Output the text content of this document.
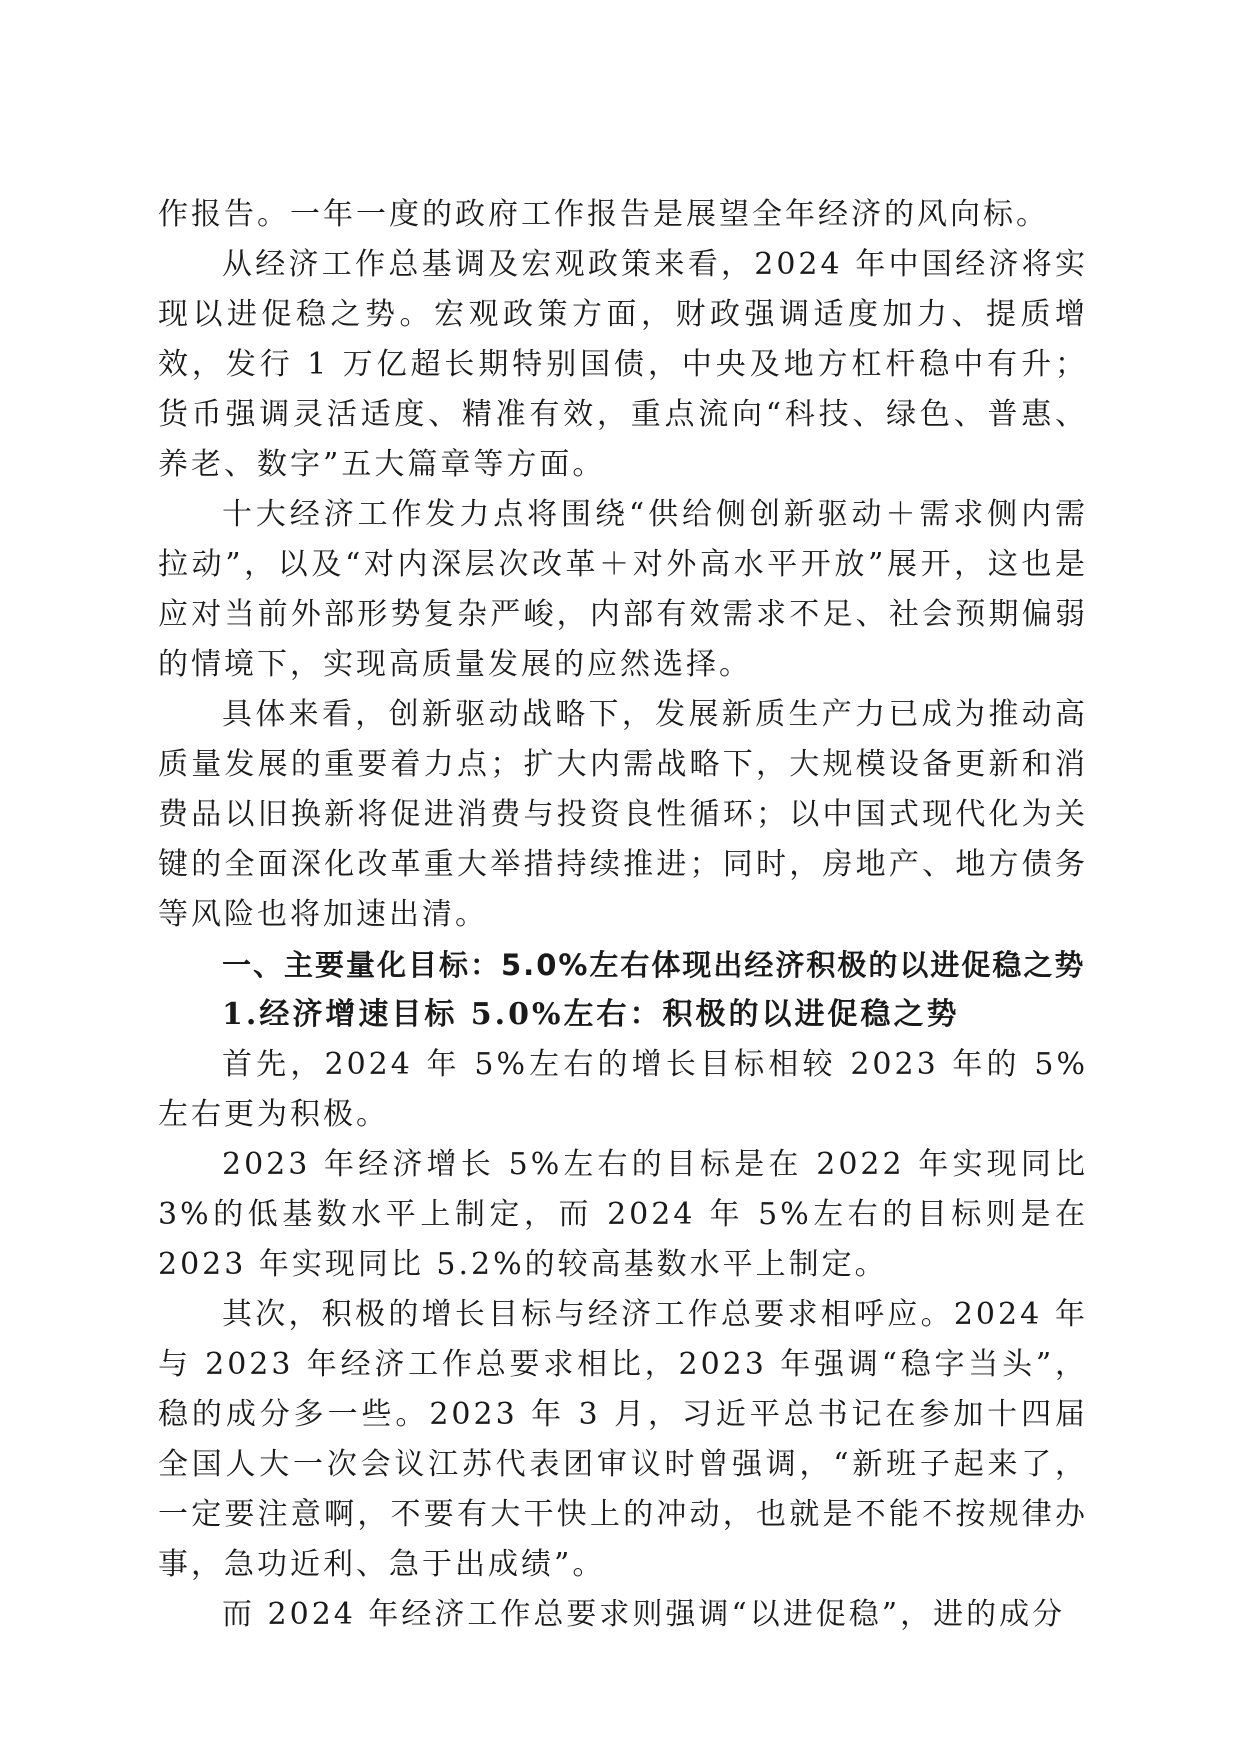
作报告。一年一度的政府工作报告是展望全年经济的风向标。

从经济工作总基调及宏观政策来看，2024 年中国经济将实现以进促稳之势。宏观政策方面，财政强调适度加力、提质增效，发行 1 万亿超长期特别国债，中央及地方杠杆稳中有升；货币强调灵活适度、精准有效，重点流向“科技、绿色、普惠、养老、数字”五大篇章等方面。

十大经济工作发力点将围绕“供给侧创新驱动＋需求侧内需拉动”，以及“对内深层次改革＋对外高水平开放”展开，这也是应对当前外部形势复杂严峻，内部有效需求不足、社会预期偏弱的情境下，实现高质量发展的应然选择。

具体来看，创新驱动战略下，发展新质生产力已成为推动高质量发展的重要着力点；扩大内需战略下，大规模设备更新和消费品以旧换新将促进消费与投资良性循环；以中国式现代化为关键的全面深化改革重大举措持续推进；同时，房地产、地方债务等风险也将加速出清。

一、主要量化目标：5.0%左右体现出经济积极的以进促稳之势

1.经济增速目标 5.0%左右：积极的以进促稳之势

首先，2024 年 5%左右的增长目标相较 2023 年的 5%左右更为积极。

2023 年经济增长 5%左右的目标是在 2022 年实现同比 3%的低基数水平上制定，而 2024 年 5%左右的目标则是在 2023 年实现同比 5.2%的较高基数水平上制定。

其次，积极的增长目标与经济工作总要求相呼应。2024 年与 2023 年经济工作总要求相比，2023 年强调“稳字当头”，稳的成分多一些。2023 年 3 月，习近平总书记在参加十四届全国人大一次会议江苏代表团审议时曾强调，“新班子起来了，一定要注意啊，不要有大干快上的冲动，也就是不能不按规律办事，急功近利、急于出成绩”。

而 2024 年经济工作总要求则强调“以进促稳”，进的成分
